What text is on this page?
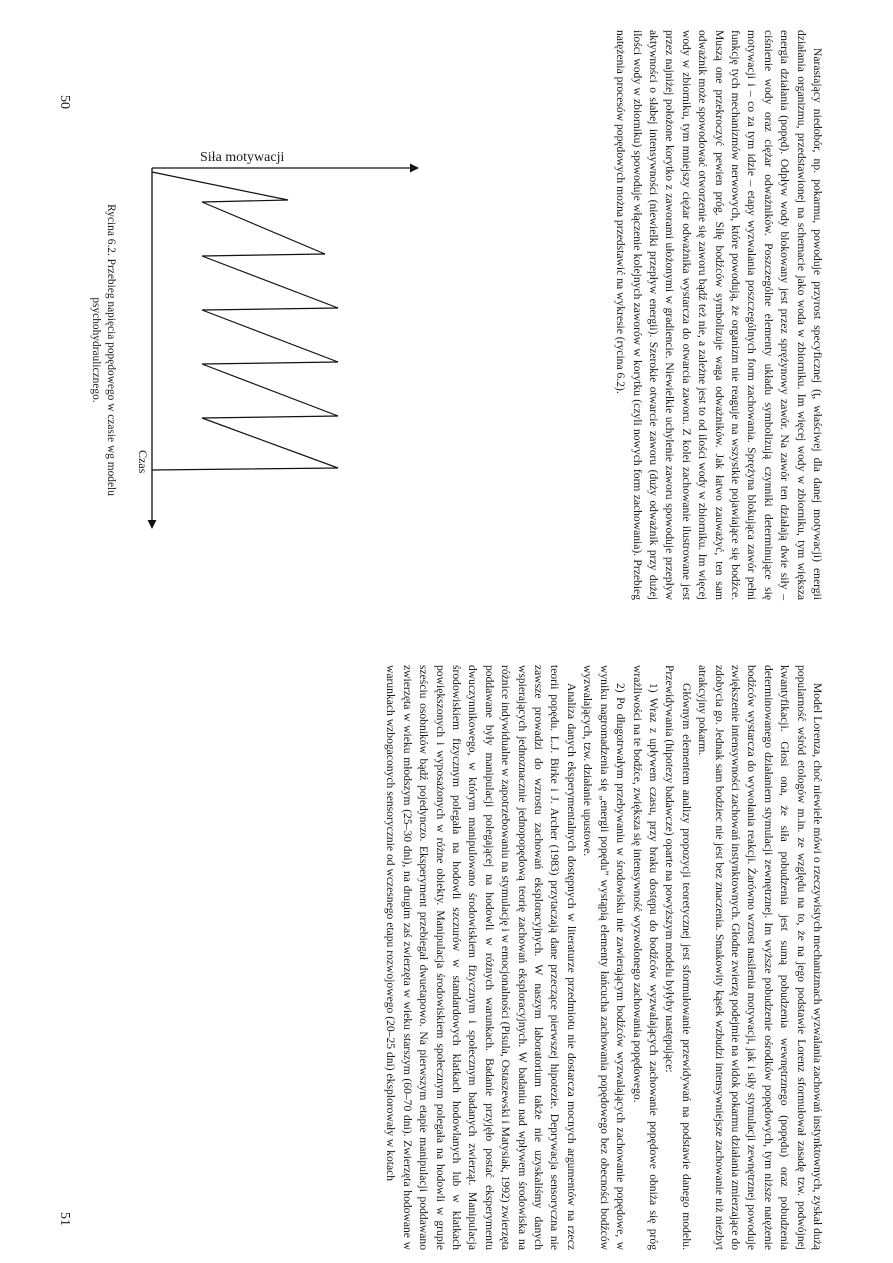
Narastający niedobór, np. pokarmu, powoduje przyrost specyficznej (ţ, właściwej dla danej motywacji) energii działania organizmu, przedstawionej na schemacie jako woda w zbiorniku. Im więcej wody w zbiorniku, tym większa energia działania (popęd). Odpływ wody blokowany jest przez sprężynowy zawór. Na zawór ten działają dwie siły – ciśnienie wody oraz ciężar odważników. Poszczególne elementy układu symbolizują czynniki determinujące się motywacji i – co za tym idzie – etapy wyzwalania poszczególnych form zachowania. Sprężyna blokująca zawór pełni funkcję tych mechanizmów nerwowych, które powodują, że organizm nie reaguje na wszystkie pojawiające się bodźce. Muszą one przekroczyć pewien próg. Siłę bodźców symbolizuje waga odważników. Jak łatwo zauważyć, ten sam odważnik może spowodować otworzenie się zaworu bądź też nie, a zależne jest to od ilości wody w zbiorniku. Im więcej wody w zbiorniku, tym mniejszy ciężar odważnika wystarcza do otwarcia zaworu. Z kolei zachowanie ilustrowane jest przez najniżej położone korytko z zaworami ułożonymi w gradiencie. Niewielkie uchylenie zaworu spowoduje przepływ aktywności o słabej intensywności (niewielki przepływ energii). Szerokie otwarcie zaworu (duży odważnik przy dużej ilości wody w zbiorniku) spowoduje włączenie kolejnych zaworów w korytku (czyli nowych form zachowania). Przebieg natężenia procesów popędowych można przedstawić na wykresie (rycina 6.2).

Siła motywacji
Czas

Rycina 6.2. Przebieg napięcia popędowego w czasie wg modelu

psychohydraulicznego.

50

Model Lorenza, choć niewiele mówi o rzeczywistych mechanizmach wyzwalania zachowań instynktownych, zyskał dużą popularność wśród etologów m.in. ze względu na to, że na jego podstawie Lorenz sformułował zasadę tzw. podwójnej kwantyfikacji. Głosi ona, że siła pobudzenia jest sumą pobudzenia wewnętrznego (popędu) oraz pobudzenia determinowanego działaniem stymulacji zewnętrznej. Im wyższe pobudzenie ośrodków popędowych, tym niższe natężenie bodźców wystarcza do wywołania reakcji. Żarówno wzrost nasilenia motywacji, jak i siły stymulacji zewnętrznej powoduje zwiększenie intensywności zachowań instynktownych. Głodne zwierzę podejmie na widok pokarmu działania zmierzające do zdobycia go. Jednak sam bodziec nie jest bez znaczenia. Smakowity kąsek wzbudzi intensywniejsze zachowanie niż niezbyt atrakcyjny pokarm.

Głównym elementem analizy propozycji teoretycznej jest sformułowanie przewidywań na podstawie danego modelu. Przewidywania (hipotezy badawcze) oparte na powyższym modelu byłyby następujące:

1) Wraz z upływem czasu, przy braku dostępu do bodźców wyzwalających zachowanie popędowe obniża się próg wrażliwości na te bodźce, zwiększa się intensywność wyzwolonego zachowania popędowego.

2) Po długotrwałym przebywaniu w środowisku nie zawierającym bodźców wyzwalających zachowanie popędowe, w wyniku nagromadzenia się „energii popędu” wystąpią elementy łańcucha zachowania popędowego bez obecności bodźców wyzwalających, tzw. działanie upustowe.

Analiza danych eksperymentalnych dostępnych w literaturze przedmiotu nie dostarcza mocnych argumentów na rzecz teorii popędu. L.J. Birke i J. Archer (1983) przytaczają dane przeczące pierwszej hipotezie. Deprywacja sensoryczna nie zawsze prowadzi do wzrostu zachowań eksploracyjnych. W naszym laboratorium także nie uzyskaliśmy danych wspierających jednoznacznie jednopopędową teorię zachowań eksploracyjnych. W badaniu nad wpływem środowiska na różnice indywidualne w zapotrzebowaniu na stymulację i w emocjonalności (Pisula, Ostaszewski i Matysiak, 1992) zwierzęta poddawane były manipulacji polegającej na hodowli w różnych warunkach. Badanie przyjęło postać eksperymentu dwuczynnikowego, w którym manipulowano środowiskiem fizycznym i społecznym badanych zwierząt. Manipulacja środowiskiem fizycznym polegała na hodowli szczurów w standardowych klatkach hodowlanych lub w klatkach powiększonych i wyposażonych w różne obiekty. Manipulacja środowiskiem społecznym polegała na hodowli w grupie sześciu osobników bądź pojedynczo. Eksperyment przebiegał dwuetapowo. Na pierwszym etapie manipulacji poddawano zwierzęta w wieku młodszym (25–30 dni), na drugim zaś zwierzęta w wieku starszym (60–70 dni). Zwierzęta hodowane w warunkach wzbogaconych sensorycznie od wczesnego etapu rozwojowego (20–25 dni) eksplorowały w kotach

51
